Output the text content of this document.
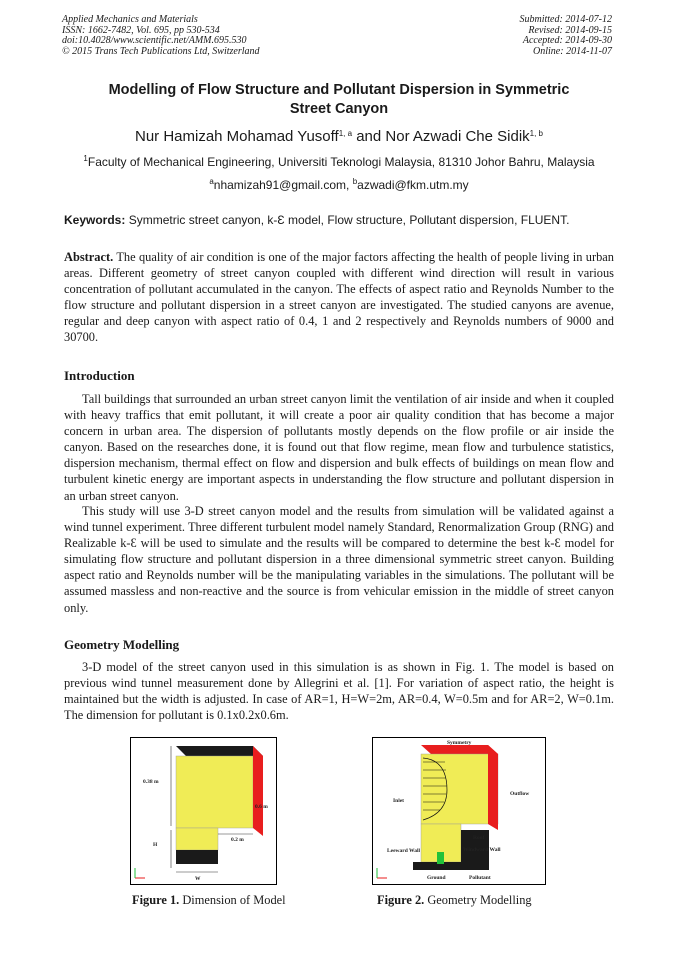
Applied Mechanics and Materials
ISSN: 1662-7482, Vol. 695, pp 530-534
doi:10.4028/www.scientific.net/AMM.695.530
© 2015 Trans Tech Publications Ltd, Switzerland
Submitted: 2014-07-12
Revised: 2014-09-15
Accepted: 2014-09-30
Online: 2014-11-07
Modelling of Flow Structure and Pollutant Dispersion in Symmetric
Street Canyon
Nur Hamizah Mohamad Yusoff$^{1, a}$ and Nor Azwadi Che Sidik$^{1, b}$
$^1$Faculty of Mechanical Engineering, Universiti Teknologi Malaysia, 81310 Johor Bahru, Malaysia
$^a$nhamizah91@gmail.com, $^b$azwadi@fkm.utm.my
Keywords: Symmetric street canyon, k-Ɛ model, Flow structure, Pollutant dispersion, FLUENT.
Abstract. The quality of air condition is one of the major factors affecting the health of people living in urban areas. Different geometry of street canyon coupled with different wind direction will result in various concentration of pollutant accumulated in the canyon. The effects of aspect ratio and Reynolds Number to the flow structure and pollutant dispersion in a street canyon are investigated. The studied canyons are avenue, regular and deep canyon with aspect ratio of 0.4, 1 and 2 respectively and Reynolds numbers of 9000 and 30700.
Introduction
Tall buildings that surrounded an urban street canyon limit the ventilation of air inside and when it coupled with heavy traffics that emit pollutant, it will create a poor air quality condition that has become a major concern in urban area. The dispersion of pollutants mostly depends on the flow profile or air inside the canyon. Based on the researches done, it is found out that flow regime, mean flow and turbulence statistics, dispersion mechanism, thermal effect on flow and dispersion and bulk effects of buildings on mean flow and turbulent kinetic energy are important aspects in understanding the flow structure and pollutant dispersion in an urban street canyon.
This study will use 3-D street canyon model and the results from simulation will be validated against a wind tunnel experiment. Three different turbulent model namely Standard, Renormalization Group (RNG) and Realizable k-Ɛ will be used to simulate and the results will be compared to determine the best k-Ɛ model for simulating flow structure and pollutant dispersion in a three dimensional symmetric street canyon. Building aspect ratio and Reynolds number will be the manipulating variables in the simulations. The pollutant will be assumed massless and non-reactive and the source is from vehicular emission in the middle of street canyon only.
Geometry Modelling
3-D model of the street canyon used in this simulation is as shown in Fig. 1. The model is based on previous wind tunnel measurement done by Allegrini et al. [1]. For variation of aspect ratio, the height is maintained but the width is adjusted. In case of AR=1, H=W=2m, AR=0.4, W=0.5m and for AR=2, W=0.1m. The dimension for pollutant is 0.1x0.2x0.6m.
0.38 m
0.6 m
0.2 m
H
W
Symmetry
Outflow
Inlet
Roof
Leeward Wall	Windward Wall
Ground	Pollutant
Figure 1. Dimension of Model	Figure 2. Geometry Modelling
